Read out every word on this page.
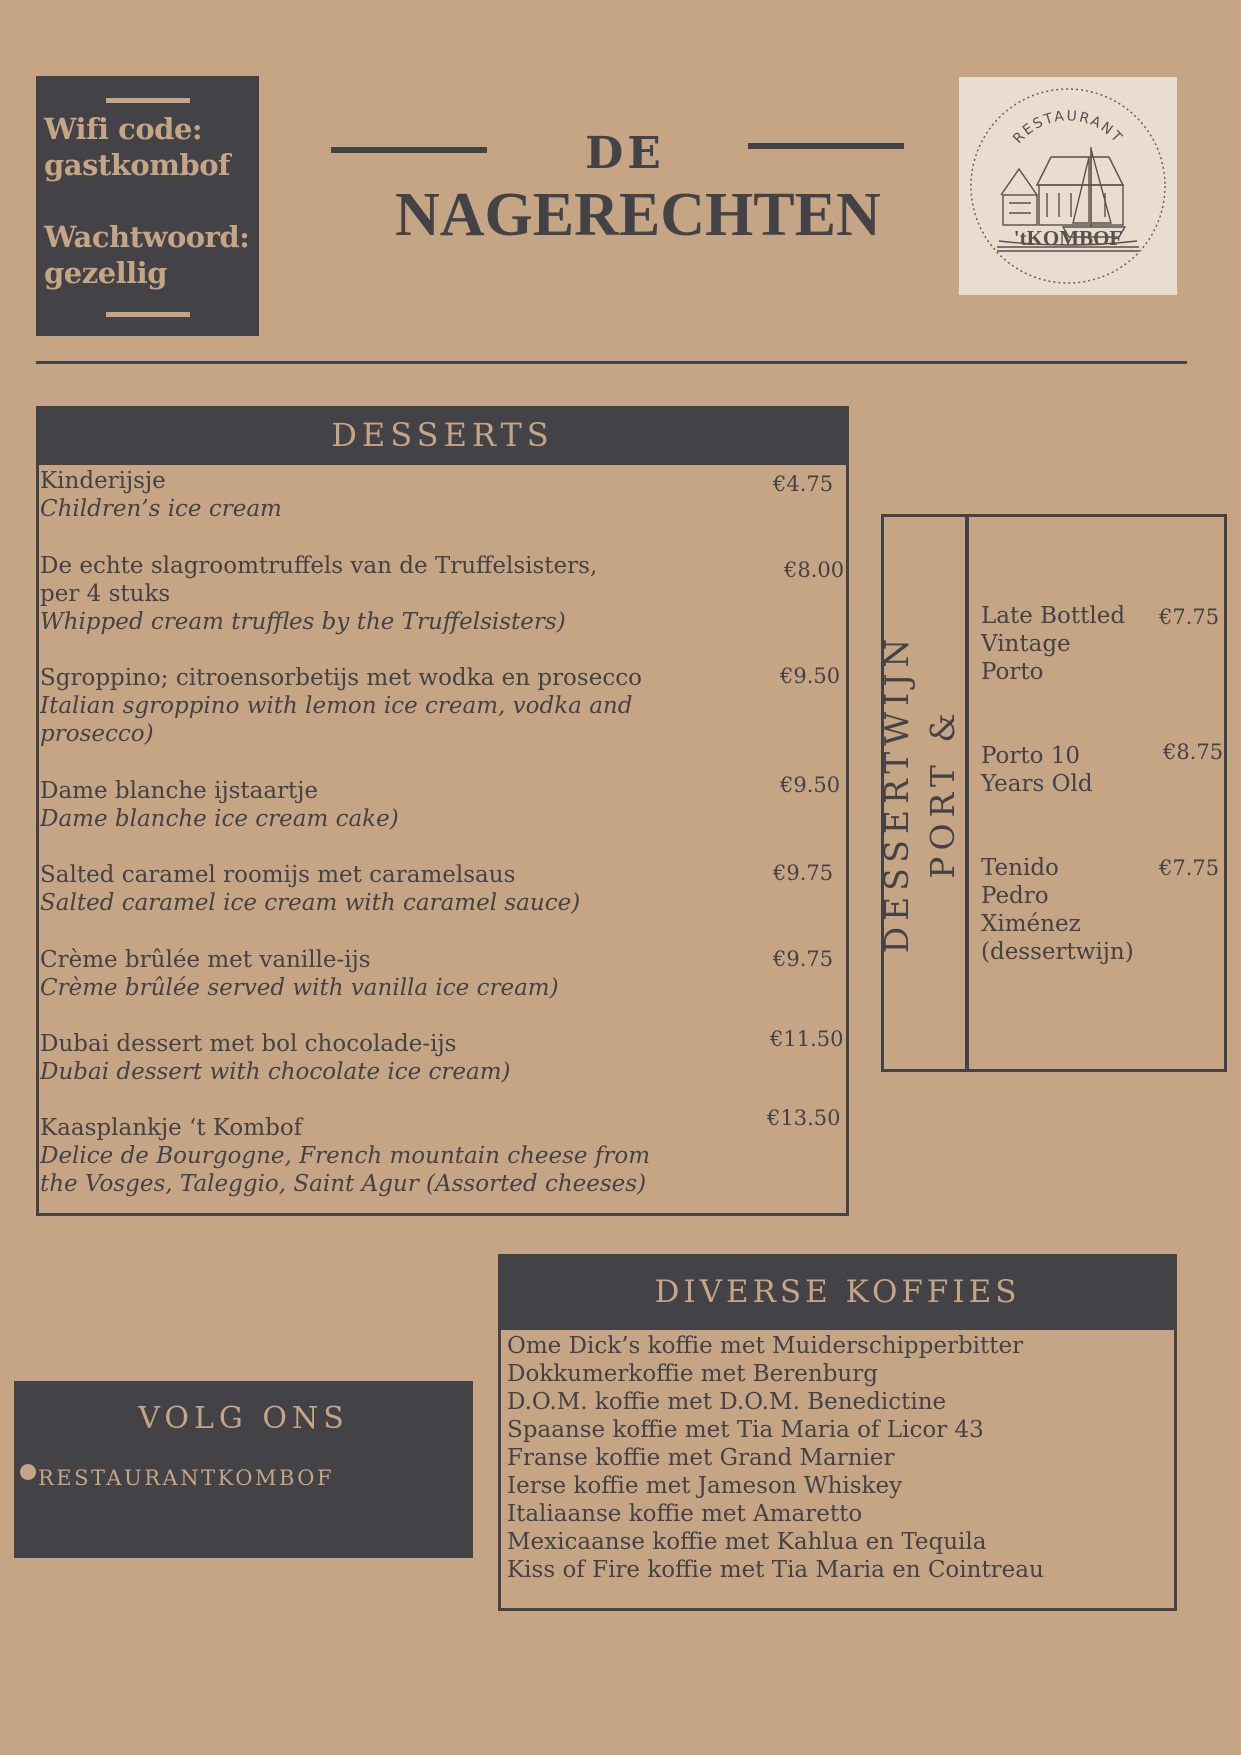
Wifi code:
gastkombof
Wachtwoord:
gezellig
DE
NAGERECHTEN
RESTAURANT
'tKOMBOF
DESSERTS
Kinderijsje
Children’s ice cream
€4.75
De echte slagroomtruffels van de Truffelsisters,
per 4 stuks
Whipped cream truffles by the Truffelsisters)
€8.00
Sgroppino; citroensorbetijs met wodka en prosecco
Italian sgroppino with lemon ice cream, vodka and
prosecco)
€9.50
Dame blanche ijstaartje
Dame blanche ice cream cake)
€9.50
Salted caramel roomijs met caramelsaus
Salted caramel ice cream with caramel sauce)
€9.75
Crème brûlée met vanille-ijs
Crème brûlée served with vanilla ice cream)
€9.75
Dubai dessert met bol chocolade-ijs
Dubai dessert with chocolate ice cream)
€11.50
Kaasplankje ‘t Kombof
Delice de Bourgogne, French mountain cheese from
the Vosges, Taleggio, Saint Agur (Assorted cheeses)
€13.50
DESSERTWIJN PORT &
Late Bottled
Vintage
Porto
€7.75
Porto 10
Years Old
€8.75
Tenido
Pedro
Ximénez
(dessertwijn)
€7.75
DIVERSE KOFFIES
Ome Dick’s koffie met Muiderschipperbitter
Dokkumerkoffie met Berenburg
D.O.M. koffie met D.O.M. Benedictine
Spaanse koffie met Tia Maria of Licor 43
Franse koffie met Grand Marnier
Ierse koffie met Jameson Whiskey
Italiaanse koffie met Amaretto
Mexicaanse koffie met Kahlua en Tequila
Kiss of Fire koffie met Tia Maria en Cointreau
VOLG ONS
RESTAURANTKOMBOF
